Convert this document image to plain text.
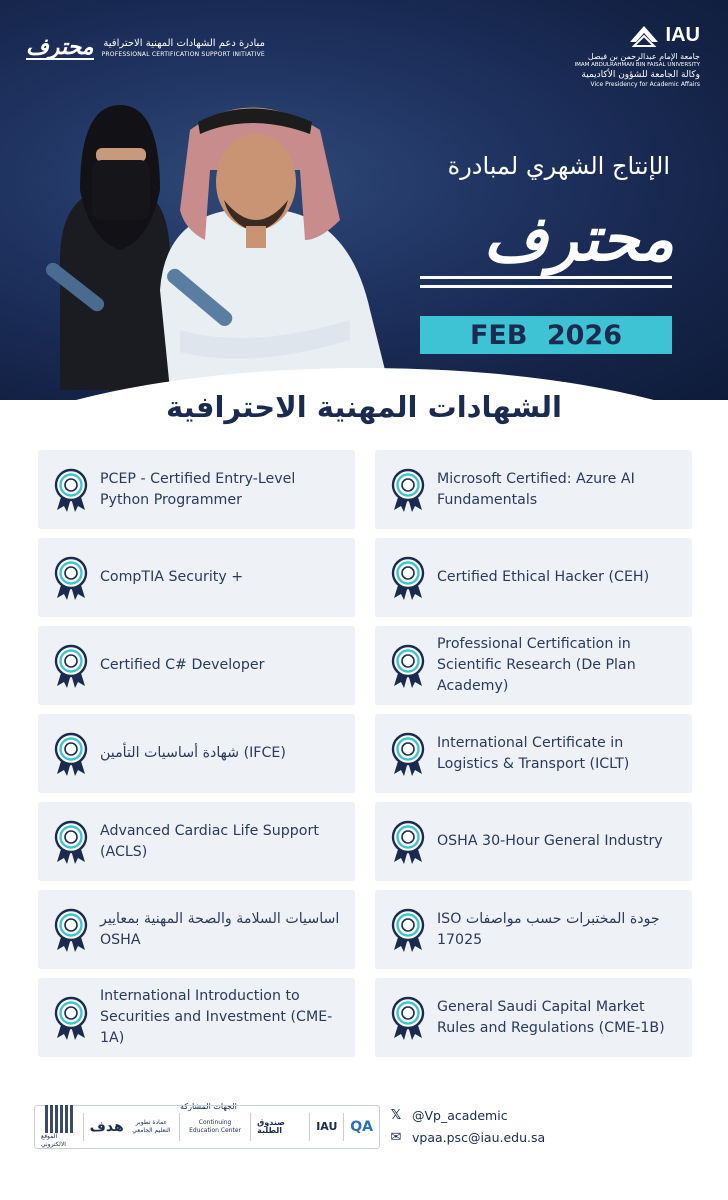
محترف مبادرة دعم الشهادات المهنية الاحترافية
PROFESSIONAL CERTIFICATION SUPPORT INITIATIVE
IAU
جامعة الإمام عبدالرحمن بن فيصل
IMAM ABDULRAHMAN BIN FAISAL UNIVERSITY
وكالة الجامعة للشؤون الأكاديمية
Vice Presidency for Academic Affairs
الإنتاج الشهري لمبادرة
محترف
FEB 2026
الشهادات المهنية الاحترافية
PCEP - Certified Entry-Level Python Programmer
Microsoft Certified: Azure AI Fundamentals
CompTIA Security +	Certified Ethical Hacker (CEH)
Certified C# Developer
Professional Certification in Scientific Research (De Plan Academy)
(IFCE) شهادة أساسيات التأمين
International Certificate in Logistics & Transport (ICLT)
Advanced Cardiac Life Support (ACLS)
OSHA 30-Hour General Industry
اساسيات السلامة والصحة المهنية بمعايير OSHA
جودة المختبرات حسب مواصفات ISO 17025
International Introduction to Securities and Investment (CME-1A)
General Saudi Capital Market Rules and Regulations (CME-1B)
الجهات المشاركة
الموقع الالكتروني
هدف	عمادة تطوير التعليم الجامعي
Continuing Education Center
صندوق الطلبة	IAU QA
𝕏 @Vp_academic
✉ vpaa.psc@iau.edu.sa
